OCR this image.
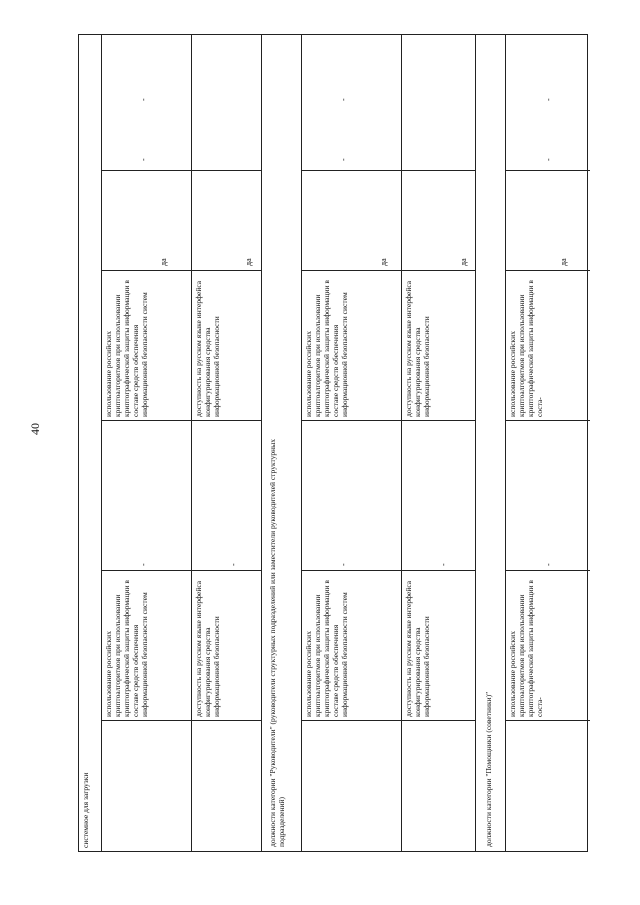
40
системное для загрузки
использование российских криптоалгоритмов при использовании криптографической защиты информации в составе средств обеспечения информационной безопасности систем
использование российских криптоалгоритмов при использовании криптографической защиты информации в составе средств обеспечения информационной безопасности систем
доступность на русском языке интерфейса конфигурирования средства информационной безопасности
доступность на русском языке интерфейса конфигурирования средства информационной безопасности
должности категории "Руководители" (руководители структурных подразделений или заместители руководителей структурных подразделений)
использование российских криптоалгоритмов при использовании криптографической защиты информации в составе средств обеспечения информационной безопасности систем
использование российских криптоалгоритмов при использовании криптографической защиты информации в составе средств обеспечения информационной безопасности систем
доступность на русском языке интерфейса конфигурирования средства информационной безопасности
доступность на русском языке интерфейса конфигурирования средства информационной безопасности
должности категории "Помощники (советники)"
использование российских криптоалгоритмов при использовании криптографической защиты информации в соста-
использование российских криптоалгоритмов при использовании криптографической защиты информации в соста-
-
да
-
-
-
да
-
да
-
-
-
да
-
да
-
-
